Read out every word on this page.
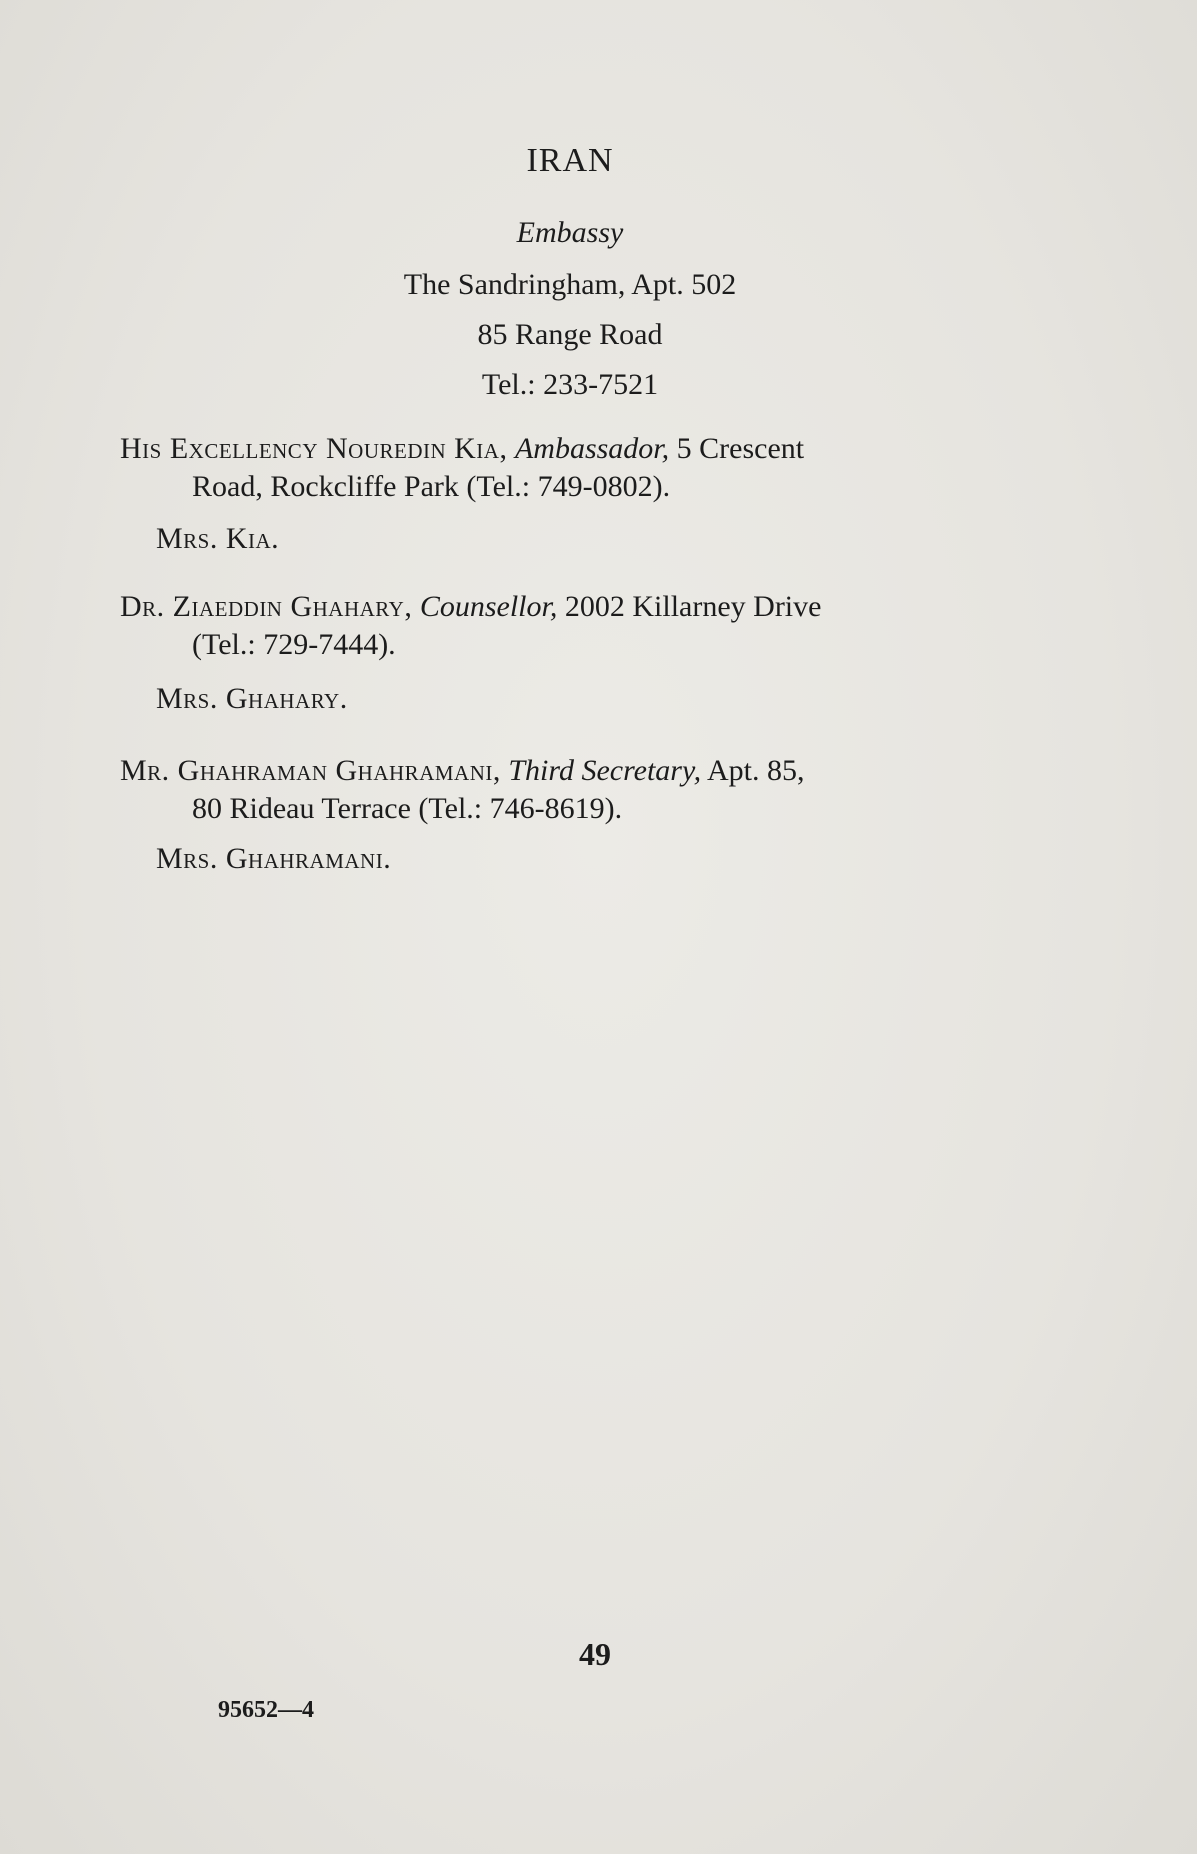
IRAN
Embassy
The Sandringham, Apt. 502
85 Range Road
Tel.: 233-7521
His Excellency Nouredin Kia, Ambassador, 5 Crescent
Road, Rockcliffe Park (Tel.: 749-0802).
Mrs. Kia.
Dr. Ziaeddin Ghahary, Counsellor, 2002 Killarney Drive
(Tel.: 729-7444).
Mrs. Ghahary.
Mr. Ghahraman Ghahramani, Third Secretary, Apt. 85,
80 Rideau Terrace (Tel.: 746-8619).
Mrs. Ghahramani.
49
95652—4
